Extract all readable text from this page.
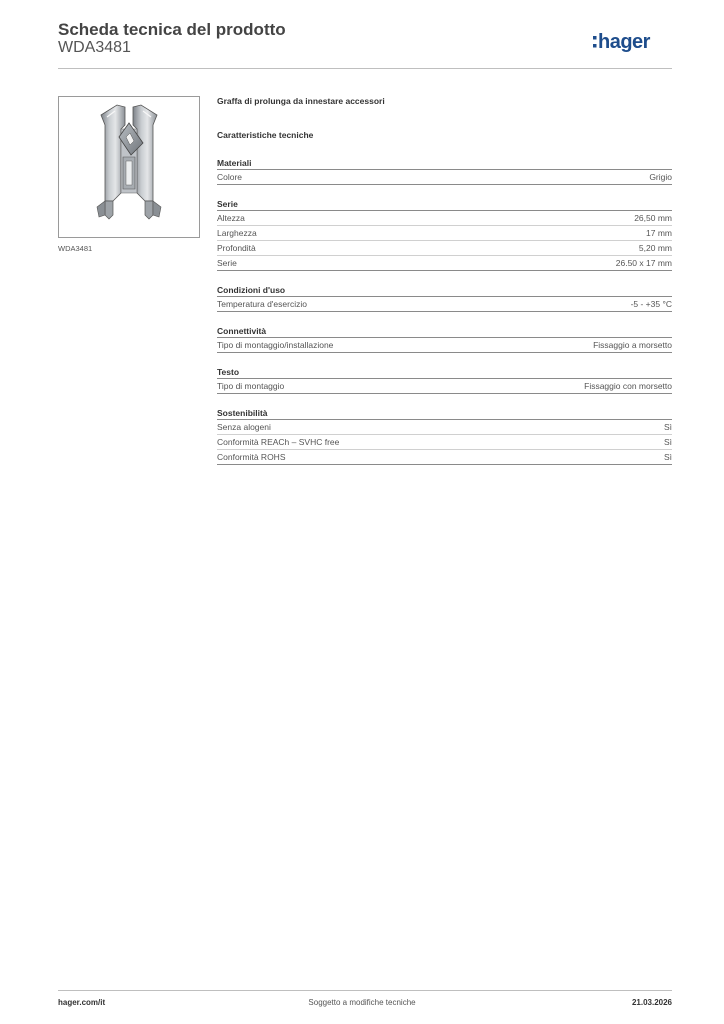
Scheda tecnica del prodotto
WDA3481	hager
WDA3481
Graffa di prolunga da innestare accessori
Caratteristiche tecniche
Materiali
Colore	Grigio
Serie
Altezza	26,50 mm
Larghezza	17 mm
Profondità	5,20 mm
Serie	26.50 x 17 mm
Condizioni d'uso
Temperatura d'esercizio	-5 - +35 °C
Connettività
Tipo di montaggio/installazione	Fissaggio a morsetto
Testo
Tipo di montaggio	Fissaggio con morsetto
Sostenibilità
Senza alogeni	Sì
Conformità REACh – SVHC free	Sì
Conformità ROHS	Sì
hager.com/it	Soggetto a modifiche tecniche	21.03.2026
